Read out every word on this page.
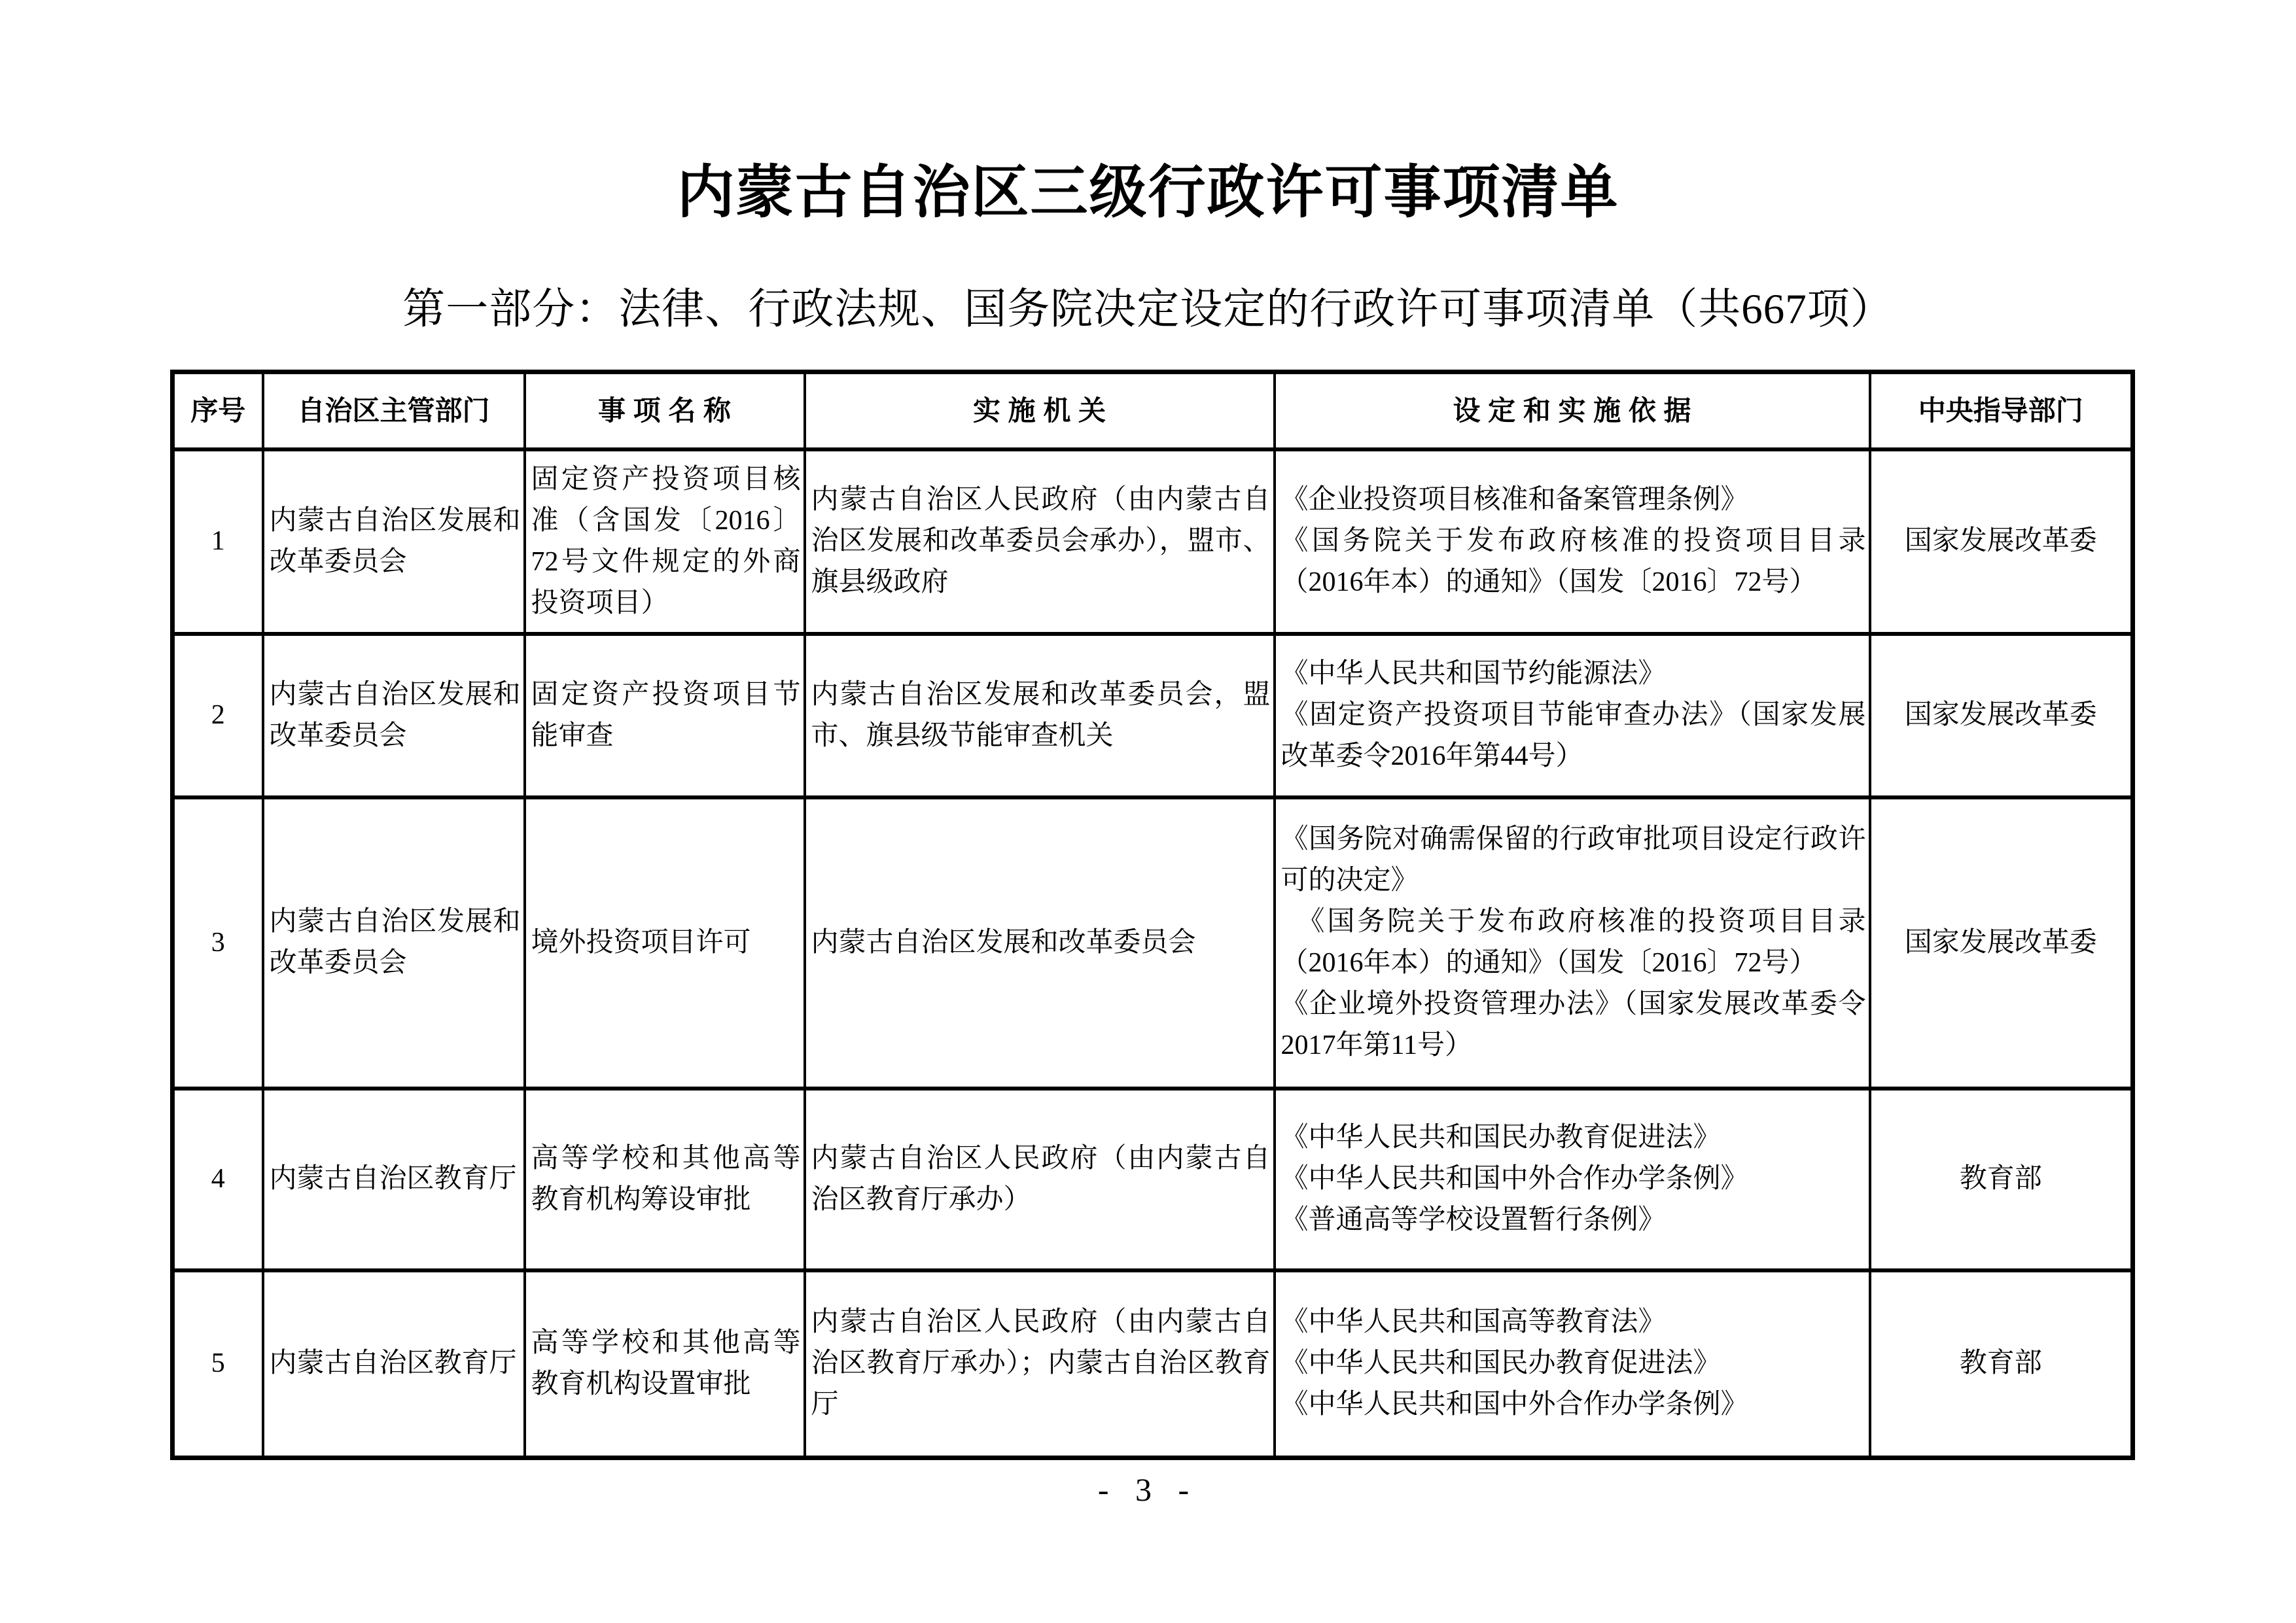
内蒙古自治区三级行政许可事项清单
第一部分：法律、行政法规、国务院决定设定的行政许可事项清单（共667项）
序号	自治区主管部门	事 项 名 称	实 施 机 关	设 定 和 实 施 依 据	中央指导部门
1	内蒙古自治区发展和改革委员会	固定资产投资项目核准（含国发〔2016〕72号文件规定的外商投资项目）	内蒙古自治区人民政府（由内蒙古自治区发展和改革委员会承办），盟市、旗县级政府	《企业投资项目核准和备案管理条例》
《国务院关于发布政府核准的投资项目目录（2016年本）的通知》（国发〔2016〕72号）	国家发展改革委
2	内蒙古自治区发展和改革委员会	固定资产投资项目节能审查	内蒙古自治区发展和改革委员会，盟市、旗县级节能审查机关	《中华人民共和国节约能源法》
《固定资产投资项目节能审查办法》（国家发展改革委令2016年第44号）	国家发展改革委
3	内蒙古自治区发展和改革委员会	境外投资项目许可	内蒙古自治区发展和改革委员会	《国务院对确需保留的行政审批项目设定行政许可的决定》
　《国务院关于发布政府核准的投资项目目录（2016年本）的通知》（国发〔2016〕72号）
《企业境外投资管理办法》（国家发展改革委令2017年第11号）	国家发展改革委
4	内蒙古自治区教育厅	高等学校和其他高等教育机构筹设审批	内蒙古自治区人民政府（由内蒙古自治区教育厅承办）	《中华人民共和国民办教育促进法》
《中华人民共和国中外合作办学条例》
《普通高等学校设置暂行条例》	教育部
5	内蒙古自治区教育厅	高等学校和其他高等教育机构设置审批	内蒙古自治区人民政府（由内蒙古自治区教育厅承办）；内蒙古自治区教育厅	《中华人民共和国高等教育法》
《中华人民共和国民办教育促进法》
《中华人民共和国中外合作办学条例》	教育部
- 3 -
